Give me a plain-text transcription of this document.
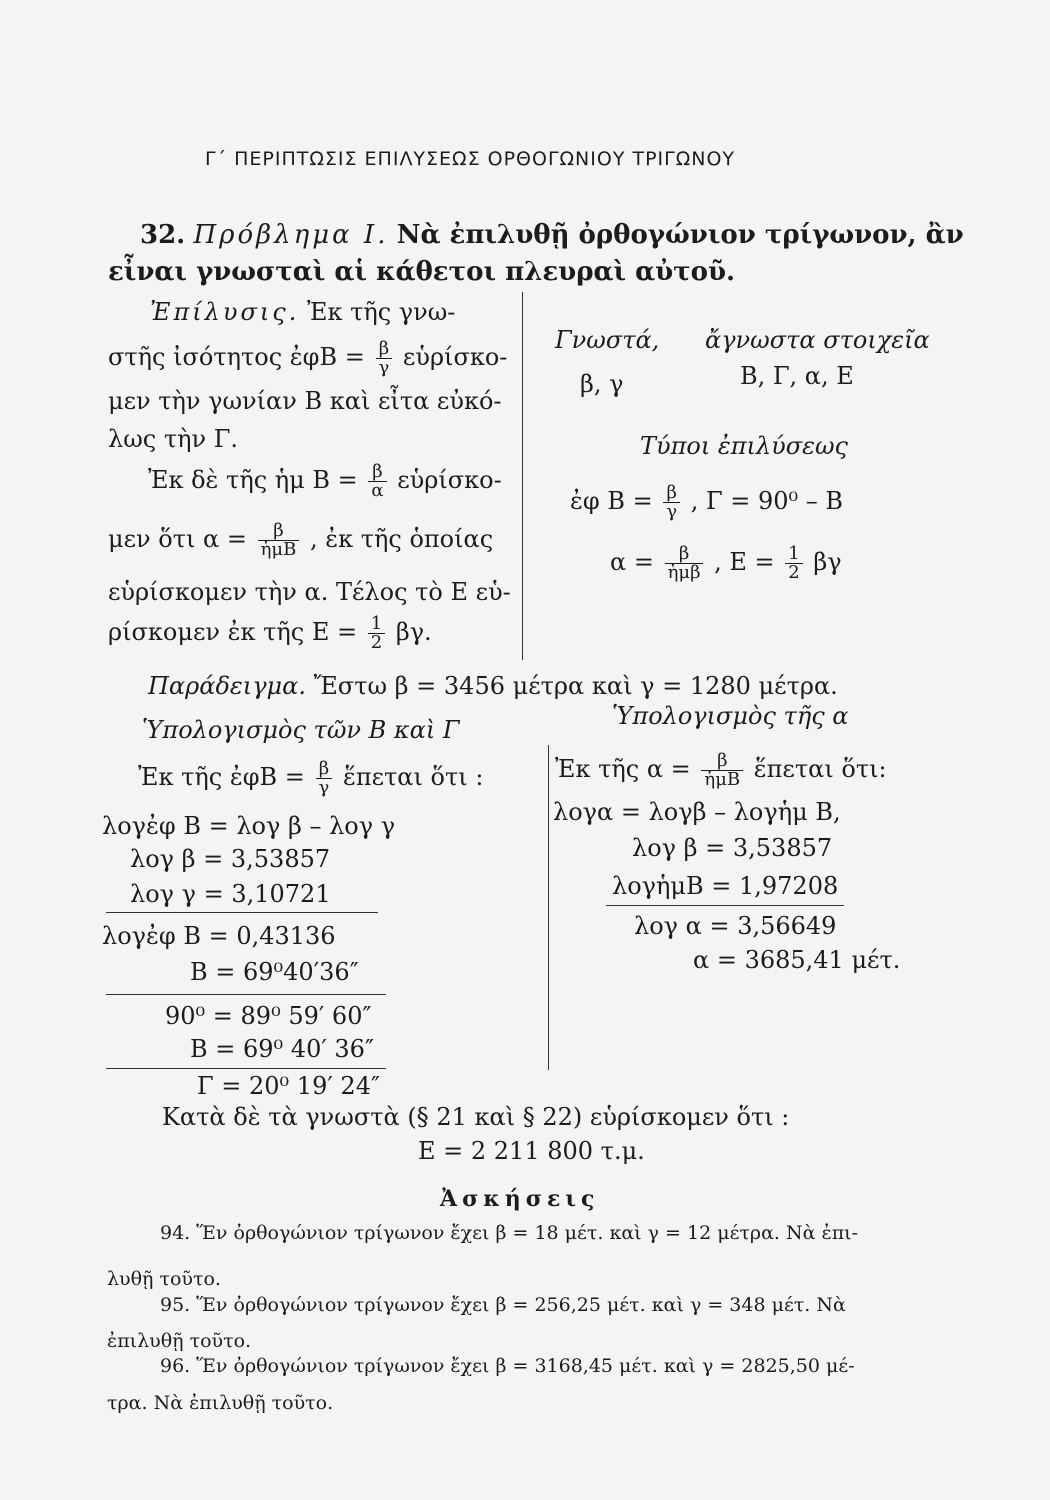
Γ΄ ΠΕΡΙΠΤΩΣΙΣ ΕΠΙΛΥΣΕΩΣ ΟΡΘΟΓΩΝΙΟΥ ΤΡΙΓΩΝΟΥ
32. Πρόβλημα Ι. Νὰ ἐπιλυθῇ ὀρθογώνιον τρίγωνον, ἂν
εἶναι γνωσταὶ αἱ κάθετοι πλευραὶ αὐτοῦ.
Ἐπίλυσις. Ἐκ τῆς γνω-
στῆς ἰσότητος ἐφΒ = $\frac{\beta}{\gamma}$ εὑρίσκο-
μεν τὴν γωνίαν Β καὶ εἶτα εὐκό-
λως τὴν Γ.
Ἐκ δὲ τῆς ἡμ $B = \frac{\beta}{\alpha}$ εὑρίσκο-
μεν ὅτι $\alpha = \frac{\beta}{\text{ἡμΒ}}$ , ἐκ τῆς ὁποίας
εὑρίσκομεν τὴν α. Τέλος τὸ Ε εὑ-
ρίσκομεν ἐκ τῆς $E = \frac{1}{2} \beta\gamma$.
Γνωστά, ἄγνωστα στοιχεῖα
β, γ	Β, Γ, α, Ε
Τύποι ἐπιλύσεως
ἐφ $B = \frac{\beta}{\gamma}$ , Γ = 90⁰ – Β
$\alpha = \frac{\beta}{\text{ἡμβ}}$ , $E = \frac{1}{2}$ βγ
Παράδειγμα. Ἔστω β = 3456 μέτρα καὶ γ = 1280 μέτρα.
Ὑπολογισμὸς τῶν Β καὶ Γ	Ὑπολογισμὸς τῆς α
Ἐκ τῆς ἐφΒ = $\frac{\beta}{\gamma}$ ἕπεται ὅτι :
λογἐφ Β = λογ β – λογ γ
λογ β = 3,53857
λογ γ = 3,10721
λογἐφ Β = 0,43136
Β = 69⁰40′36″
90⁰ = 89⁰ 59′ 60″
Β = 69⁰ 40′ 36″
Γ = 20⁰ 19′ 24″
Ἐκ τῆς $\alpha = \frac{\beta}{\text{ἡμΒ}}$ ἕπεται ὅτι:
λογα = λογβ – λογἡμ Β,
λογ β = 3,53857
λογἡμΒ = 1,97208
λογ α = 3,56649
α = 3685,41 μέτ.
Κατὰ δὲ τὰ γνωστὰ (§ 21 καὶ § 22) εὑρίσκομεν ὅτι :
Ε = 2 211 800 τ.μ.
Ἀσκήσεις
94. Ἕν ὀρθογώνιον τρίγωνον ἔχει β = 18 μέτ. καὶ γ = 12 μέτρα. Νὰ ἐπι-
λυθῇ τοῦτο.
95. Ἕν ὀρθογώνιον τρίγωνον ἔχει β = 256,25 μέτ. καὶ γ = 348 μέτ. Νὰ
ἐπιλυθῇ τοῦτο.
96. Ἕν ὀρθογώνιον τρίγωνον ἔχει β = 3168,45 μέτ. καὶ γ = 2825,50 μέ-
τρα. Νὰ ἐπιλυθῇ τοῦτο.
